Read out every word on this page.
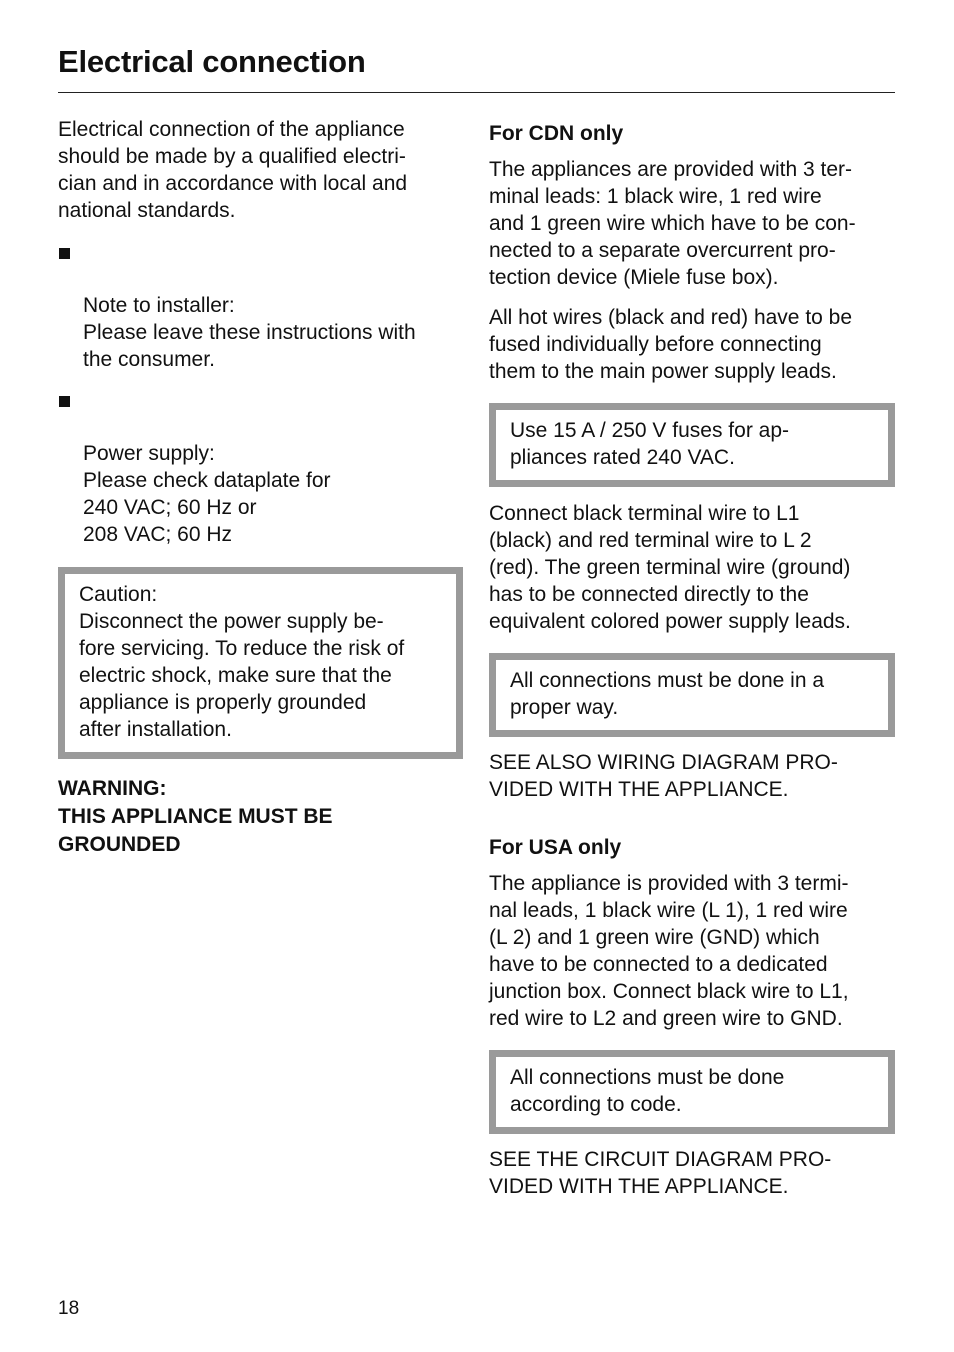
Electrical connection

Electrical connection of the appliance
should be made by a qualified electri-
cian and in accordance with local and
national standards.

Note to installer:
Please leave these instructions with
the consumer.

Power supply:
Please check dataplate for
240 VAC; 60 Hz or
208 VAC; 60 Hz

Caution:
Disconnect the power supply be-
fore servicing. To reduce the risk of
electric shock, make sure that the
appliance is properly grounded
after installation.

WARNING:
THIS APPLIANCE MUST BE
GROUNDED

For CDN only

The appliances are provided with 3 ter-
minal leads: 1 black wire, 1 red wire
and 1 green wire which have to be con-
nected to a separate overcurrent pro-
tection device (Miele fuse box).

All hot wires (black and red) have to be
fused individually before connecting
them to the main power supply leads.

Use 15 A / 250 V fuses for ap-
pliances rated 240 VAC.

Connect black terminal wire to L1
(black) and red terminal wire to L 2
(red). The green terminal wire (ground)
has to be connected directly to the
equivalent colored power supply leads.

All connections must be done in a
proper way.

SEE ALSO WIRING DIAGRAM PRO-
VIDED WITH THE APPLIANCE.

For USA only

The appliance is provided with 3 termi-
nal leads, 1 black wire (L 1), 1 red wire
(L 2) and 1 green wire (GND) which
have to be connected to a dedicated
junction box. Connect black wire to L1,
red wire to L2 and green wire to GND.

All connections must be done
according to code.

SEE THE CIRCUIT DIAGRAM PRO-
VIDED WITH THE APPLIANCE.

18
